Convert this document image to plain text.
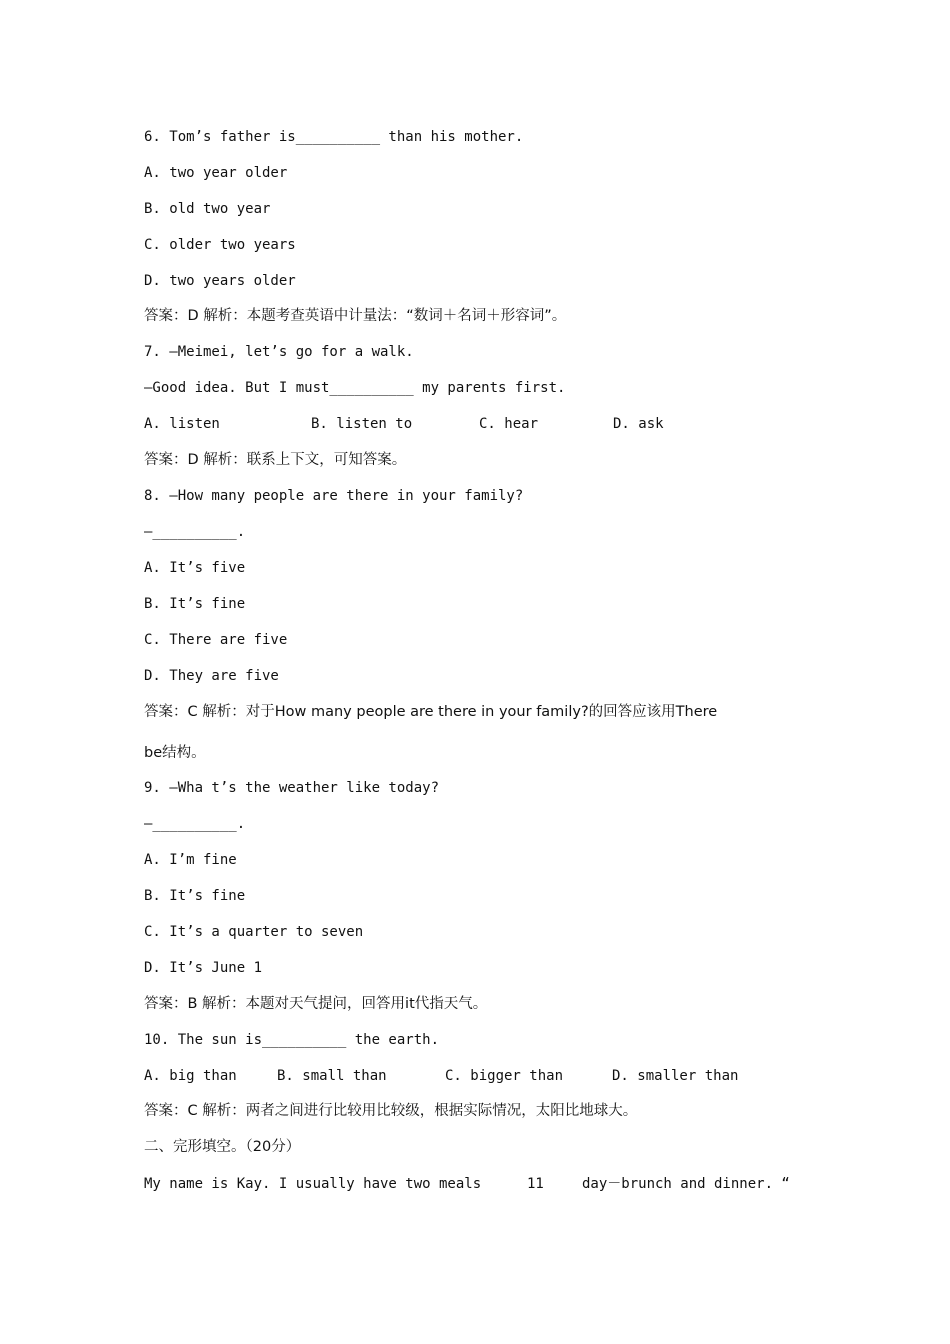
6. Tom’s father is__________ than his mother.
A. two year older
B. old two year
C. older two years
D. two years older
答案：D 解析：本题考查英语中计量法：“数词＋名词＋形容词”。
7. —Meimei, let’s go for a walk.
—Good idea. But I must__________ my parents first.
A. listen	B. listen to	C. hear	D. ask
答案：D 解析：联系上下文，可知答案。
8. —How many people are there in your family?
—__________.
A. It’s five
B. It’s fine
C. There are five
D. They are five
答案：C 解析：对于How many people are there in your family?的回答应该用There
be结构。
9. —Wha t’s the weather like today?
—__________.
A. I’m fine
B. It’s fine
C. It’s a quarter to seven
D. It’s June 1
答案：B 解析：本题对天气提问，回答用it代指天气。
10. The sun is__________ the earth.
A. big than	B. small than	C. bigger than	D. smaller than
答案：C 解析：两者之间进行比较用比较级，根据实际情况，太阳比地球大。
二、完形填空。（20分）
My name is Kay. I usually have two meals	11	day－brunch and dinner. “
